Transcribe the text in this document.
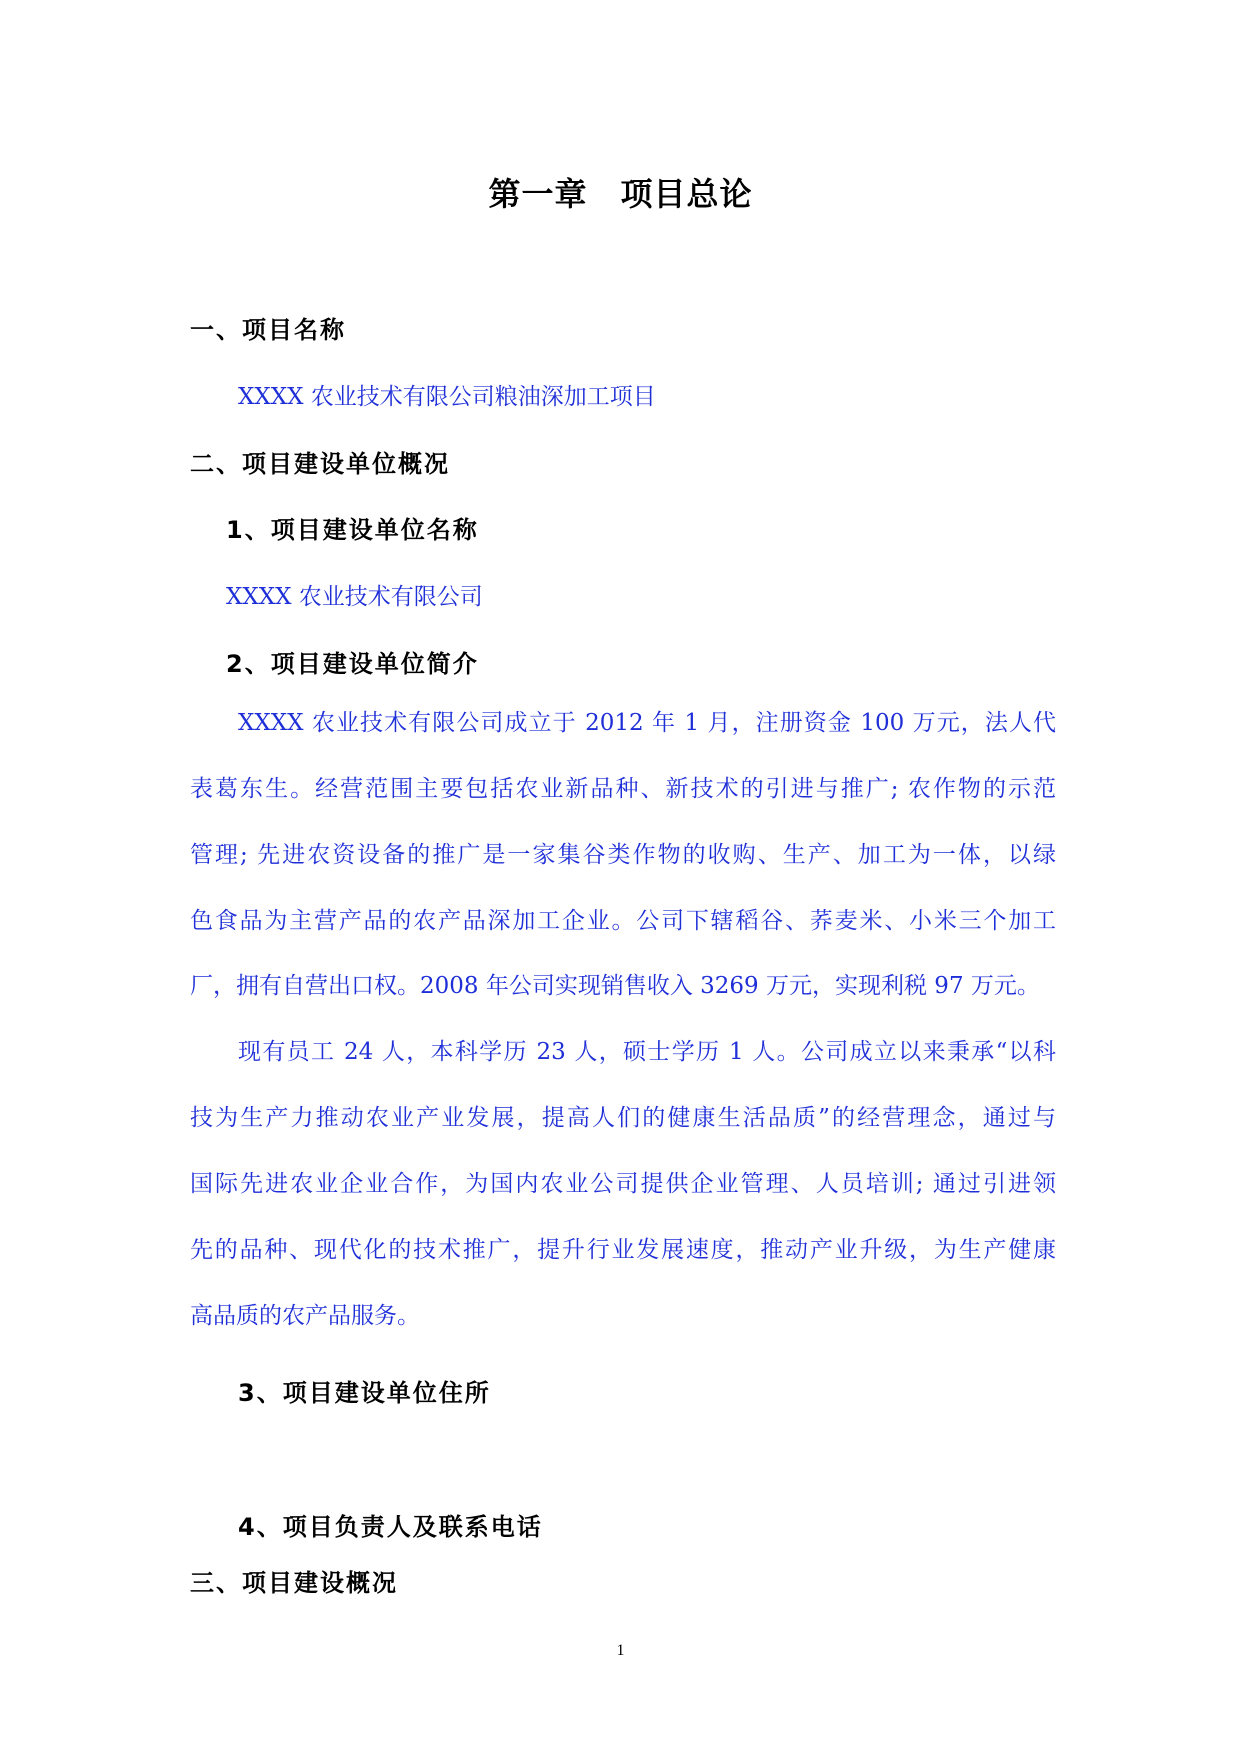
第一章　项目总论
一、项目名称
XXXX 农业技术有限公司粮油深加工项目
二、项目建设单位概况
1、项目建设单位名称
XXXX 农业技术有限公司
2、项目建设单位简介
XXXX 农业技术有限公司成立于 2012 年 1 月，注册资金 100 万元，法人代
表葛东生。经营范围主要包括农业新品种、新技术的引进与推广; 农作物的示范
管理; 先进农资设备的推广是一家集谷类作物的收购、生产、加工为一体，以绿
色食品为主营产品的农产品深加工企业。公司下辖稻谷、荞麦米、小米三个加工
厂，拥有自营出口权。2008 年公司实现销售收入 3269 万元，实现利税 97 万元。
现有员工 24 人，本科学历 23 人，硕士学历 1 人。公司成立以来秉承“以科
技为生产力推动农业产业发展，提高人们的健康生活品质”的经营理念，通过与
国际先进农业企业合作，为国内农业公司提供企业管理、人员培训; 通过引进领
先的品种、现代化的技术推广，提升行业发展速度，推动产业升级，为生产健康
高品质的农产品服务。
3、项目建设单位住所
4、项目负责人及联系电话
三、项目建设概况
1
